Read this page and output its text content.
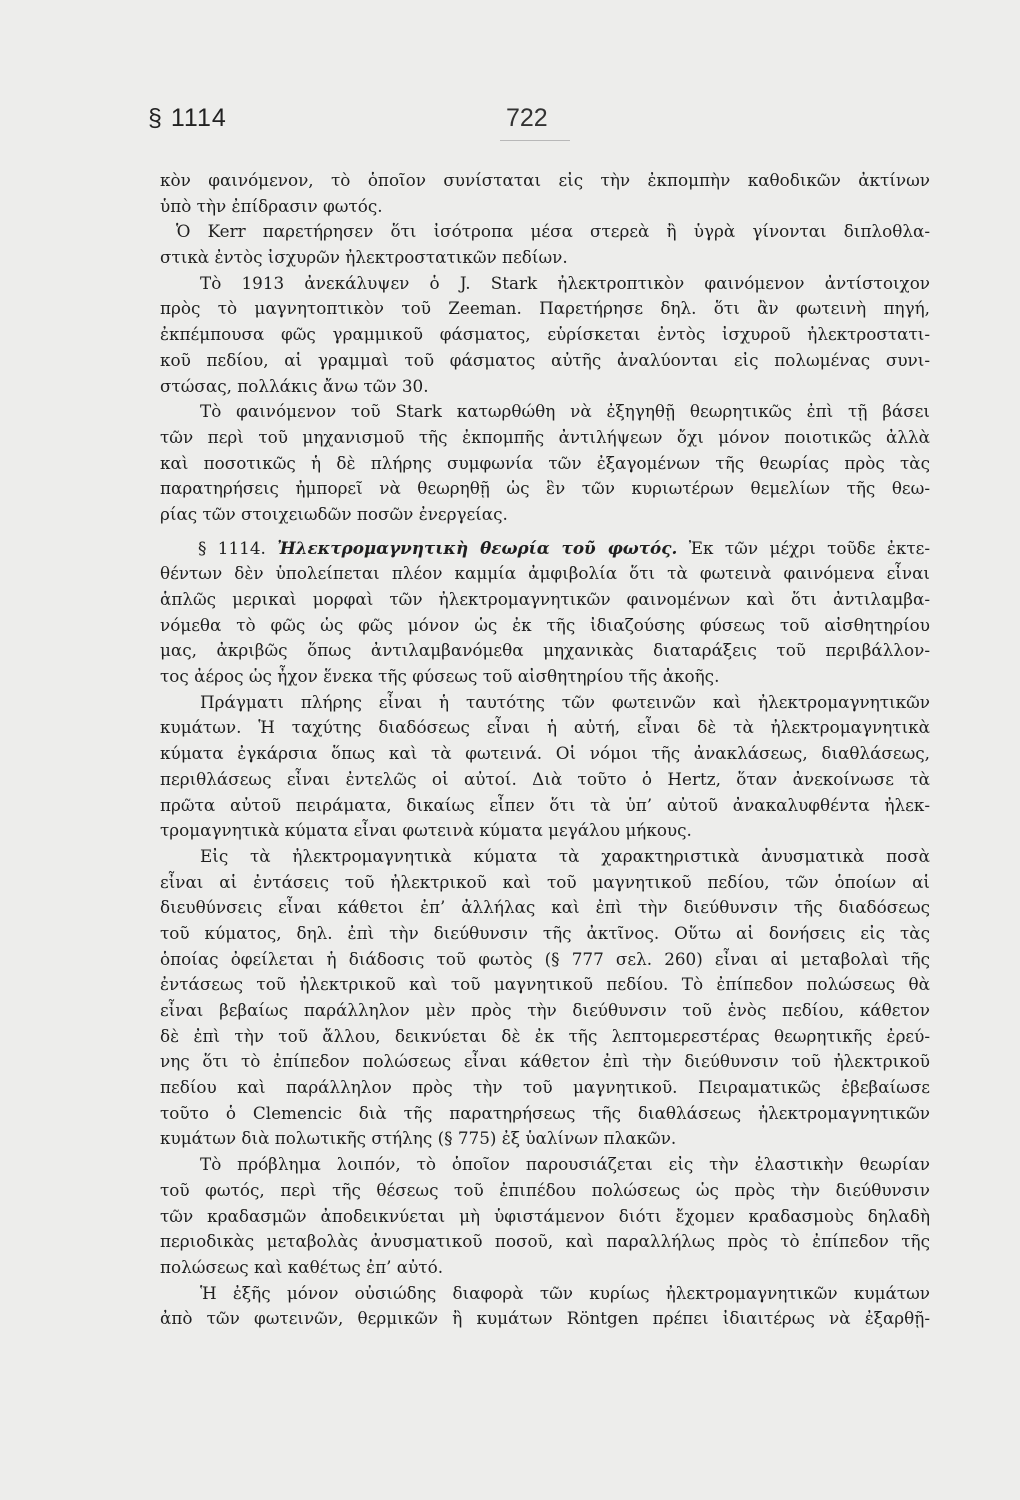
§ 1114	722
κὸν φαινόμενον, τὸ ὁποῖον συνίσταται εἰς τὴν ἐκπομπὴν καθοδικῶν ἀκτίνων
ὑπὸ τὴν ἐπίδρασιν φωτός.
Ὁ Kerr παρετήρησεν ὅτι ἰσότροπα μέσα στερεὰ ἢ ὑγρὰ γίνονται διπλοθλα-
στικὰ ἐντὸς ἰσχυρῶν ἠλεκτροστατικῶν πεδίων.
Τὸ 1913 ἀνεκάλυψεν ὁ J. Stark ἠλεκτροπτικὸν φαινόμενον ἀντίστοιχον
πρὸς τὸ μαγνητοπτικὸν τοῦ Zeeman. Παρετήρησε δηλ. ὅτι ἂν φωτεινὴ πηγή,
ἐκπέμπουσα φῶς γραμμικοῦ φάσματος, εὑρίσκεται ἐντὸς ἰσχυροῦ ἠλεκτροστατι-
κοῦ πεδίου, αἱ γραμμαὶ τοῦ φάσματος αὐτῆς ἀναλύονται εἰς πολωμένας συνι-
στώσας, πολλάκις ἄνω τῶν 30.
Τὸ φαινόμενον τοῦ Stark κατωρθώθη νὰ ἐξηγηθῇ θεωρητικῶς ἐπὶ τῇ βάσει
τῶν περὶ τοῦ μηχανισμοῦ τῆς ἐκπομπῆς ἀντιλήψεων ὄχι μόνον ποιοτικῶς ἀλλὰ
καὶ ποσοτικῶς ἡ δὲ πλήρης συμφωνία τῶν ἐξαγομένων τῆς θεωρίας πρὸς τὰς
παρατηρήσεις ἠμπορεῖ νὰ θεωρηθῇ ὡς ἓν τῶν κυριωτέρων θεμελίων τῆς θεω-
ρίας τῶν στοιχειωδῶν ποσῶν ἐνεργείας.
§ 1114. Ἠλεκτρομαγνητικὴ θεωρία τοῦ φωτός. Ἐκ τῶν μέχρι τοῦδε ἐκτε-
θέντων δὲν ὑπολείπεται πλέον καμμία ἀμφιβολία ὅτι τὰ φωτεινὰ φαινόμενα εἶναι
ἁπλῶς μερικαὶ μορφαὶ τῶν ἠλεκτρομαγνητικῶν φαινομένων καὶ ὅτι ἀντιλαμβα-
νόμεθα τὸ φῶς ὡς φῶς μόνον ὡς ἐκ τῆς ἰδιαζούσης φύσεως τοῦ αἰσθητηρίου
μας, ἀκριβῶς ὅπως ἀντιλαμβανόμεθα μηχανικὰς διαταράξεις τοῦ περιβάλλον-
τος ἀέρος ὡς ἦχον ἕνεκα τῆς φύσεως τοῦ αἰσθητηρίου τῆς ἀκοῆς.
Πράγματι πλήρης εἶναι ἡ ταυτότης τῶν φωτεινῶν καὶ ἠλεκτρομαγνητικῶν
κυμάτων. Ἡ ταχύτης διαδόσεως εἶναι ἡ αὐτή, εἶναι δὲ τὰ ἠλεκτρομαγνητικὰ
κύματα ἐγκάρσια ὅπως καὶ τὰ φωτεινά. Οἱ νόμοι τῆς ἀνακλάσεως, διαθλάσεως,
περιθλάσεως εἶναι ἐντελῶς οἱ αὐτοί. Διὰ τοῦτο ὁ Hertz, ὅταν ἀνεκοίνωσε τὰ
πρῶτα αὐτοῦ πειράματα, δικαίως εἶπεν ὅτι τὰ ὑπ’ αὐτοῦ ἀνακαλυφθέντα ἠλεκ-
τρομαγνητικὰ κύματα εἶναι φωτεινὰ κύματα μεγάλου μήκους.
Εἰς τὰ ἠλεκτρομαγνητικὰ κύματα τὰ χαρακτηριστικὰ ἀνυσματικὰ ποσὰ
εἶναι αἱ ἐντάσεις τοῦ ἠλεκτρικοῦ καὶ τοῦ μαγνητικοῦ πεδίου, τῶν ὁποίων αἱ
διευθύνσεις εἶναι κάθετοι ἐπ’ ἀλλήλας καὶ ἐπὶ τὴν διεύθυνσιν τῆς διαδόσεως
τοῦ κύματος, δηλ. ἐπὶ τὴν διεύθυνσιν τῆς ἀκτῖνος. Οὕτω αἱ δονήσεις εἰς τὰς
ὁποίας ὀφείλεται ἡ διάδοσις τοῦ φωτὸς (§ 777 σελ. 260) εἶναι αἱ μεταβολαὶ τῆς
ἐντάσεως τοῦ ἠλεκτρικοῦ καὶ τοῦ μαγνητικοῦ πεδίου. Τὸ ἐπίπεδον πολώσεως θὰ
εἶναι βεβαίως παράλληλον μὲν πρὸς τὴν διεύθυνσιν τοῦ ἑνὸς πεδίου, κάθετον
δὲ ἐπὶ τὴν τοῦ ἄλλου, δεικνύεται δὲ ἐκ τῆς λεπτομερεστέρας θεωρητικῆς ἐρεύ-
νης ὅτι τὸ ἐπίπεδον πολώσεως εἶναι κάθετον ἐπὶ τὴν διεύθυνσιν τοῦ ἠλεκτρικοῦ
πεδίου καὶ παράλληλον πρὸς τὴν τοῦ μαγνητικοῦ. Πειραματικῶς ἐβεβαίωσε
τοῦτο ὁ Clemencic διὰ τῆς παρατηρήσεως τῆς διαθλάσεως ἠλεκτρομαγνητικῶν
κυμάτων διὰ πολωτικῆς στήλης (§ 775) ἐξ ὑαλίνων πλακῶν.
Τὸ πρόβλημα λοιπόν, τὸ ὁποῖον παρουσιάζεται εἰς τὴν ἐλαστικὴν θεωρίαν
τοῦ φωτός, περὶ τῆς θέσεως τοῦ ἐπιπέδου πολώσεως ὡς πρὸς τὴν διεύθυνσιν
τῶν κραδασμῶν ἀποδεικνύεται μὴ ὑφιστάμενον διότι ἔχομεν κραδασμοὺς δηλαδὴ
περιοδικὰς μεταβολὰς ἀνυσματικοῦ ποσοῦ, καὶ παραλλήλως πρὸς τὸ ἐπίπεδον τῆς
πολώσεως καὶ καθέτως ἐπ’ αὐτό.
Ἡ ἐξῆς μόνον οὐσιώδης διαφορὰ τῶν κυρίως ἠλεκτρομαγνητικῶν κυμάτων
ἀπὸ τῶν φωτεινῶν, θερμικῶν ἢ κυμάτων Röntgen πρέπει ἰδιαιτέρως νὰ ἐξαρθῇ-
